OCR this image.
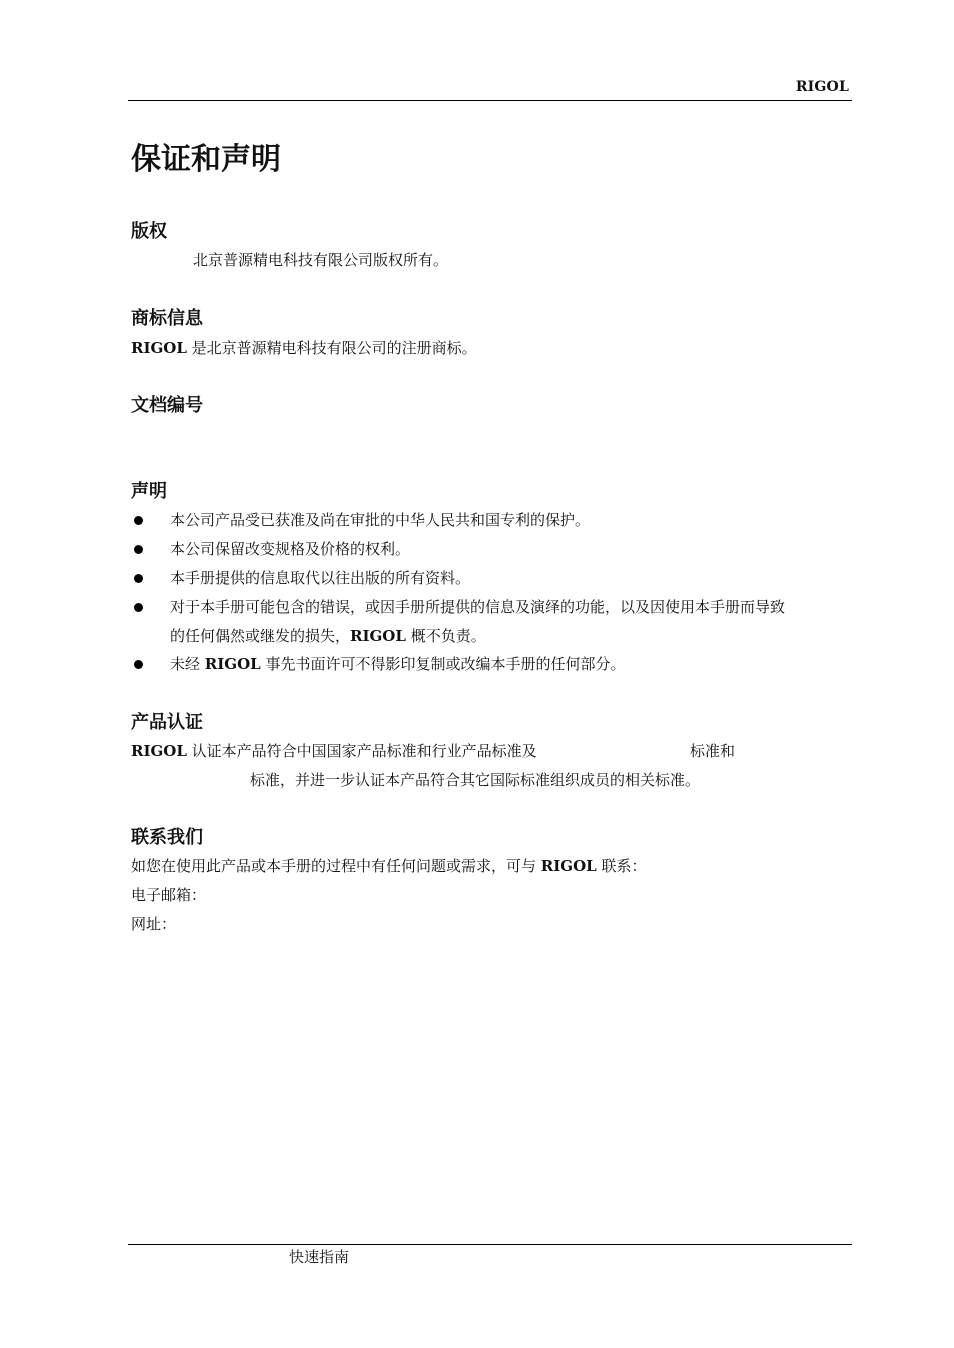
RIGOL
保证和声明
版权
北京普源精电科技有限公司版权所有。
商标信息
RIGOL 是北京普源精电科技有限公司的注册商标。
文档编号
声明
本公司产品受已获准及尚在审批的中华人民共和国专利的保护。
本公司保留改变规格及价格的权利。
本手册提供的信息取代以往出版的所有资料。
对于本手册可能包含的错误，或因手册所提供的信息及演绎的功能，以及因使用本手册而导致
的任何偶然或继发的损失，RIGOL 概不负责。
未经 RIGOL 事先书面许可不得影印复制或改编本手册的任何部分。
产品认证
RIGOL 认证本产品符合中国国家产品标准和行业产品标准及	标准和
标准，并进一步认证本产品符合其它国际标准组织成员的相关标准。
联系我们
如您在使用此产品或本手册的过程中有任何问题或需求，可与 RIGOL 联系：
电子邮箱：
网址：
快速指南
